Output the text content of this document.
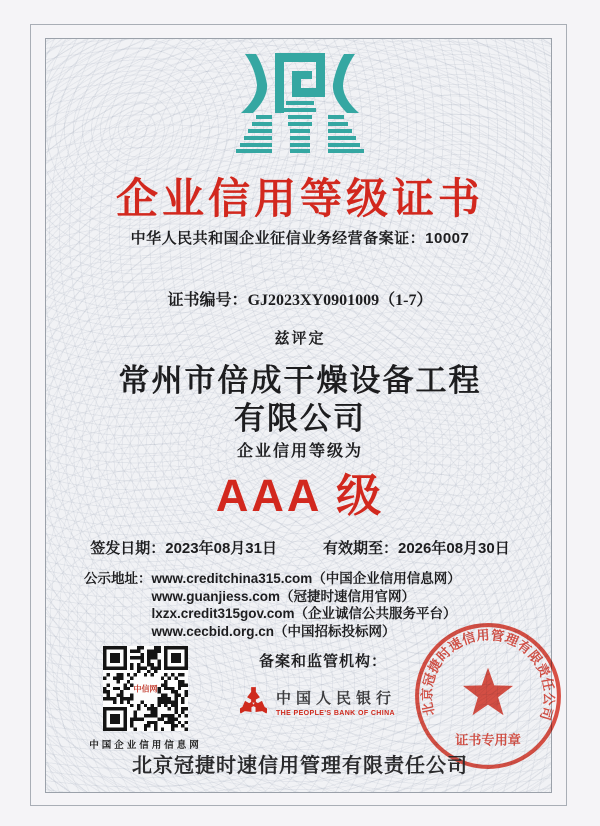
企业信用等级证书
中华人民共和国企业征信业务经营备案证：10007
证书编号：GJ2023XY0901009（1-7）
兹评定
常州市倍成干燥设备工程
有限公司
企业信用等级为
AAA 级
签发日期：2023年08月31日	有效期至：2026年08月30日
公示地址： www.creditchina315.com（中国企业信用信息网）
www.guanjiess.com（冠捷时速信用官网）
lxzx.credit315gov.com（企业诚信公共服务平台）
www.cecbid.org.cn（中国招标投标网）
备案和监管机构：
中国人民银行
THE PEOPLE'S BANK OF CHINA
中信网
中国企业信用信息网
北京冠捷时速信用管理有限责任公司
证书专用章
北京冠捷时速信用管理有限责任公司
